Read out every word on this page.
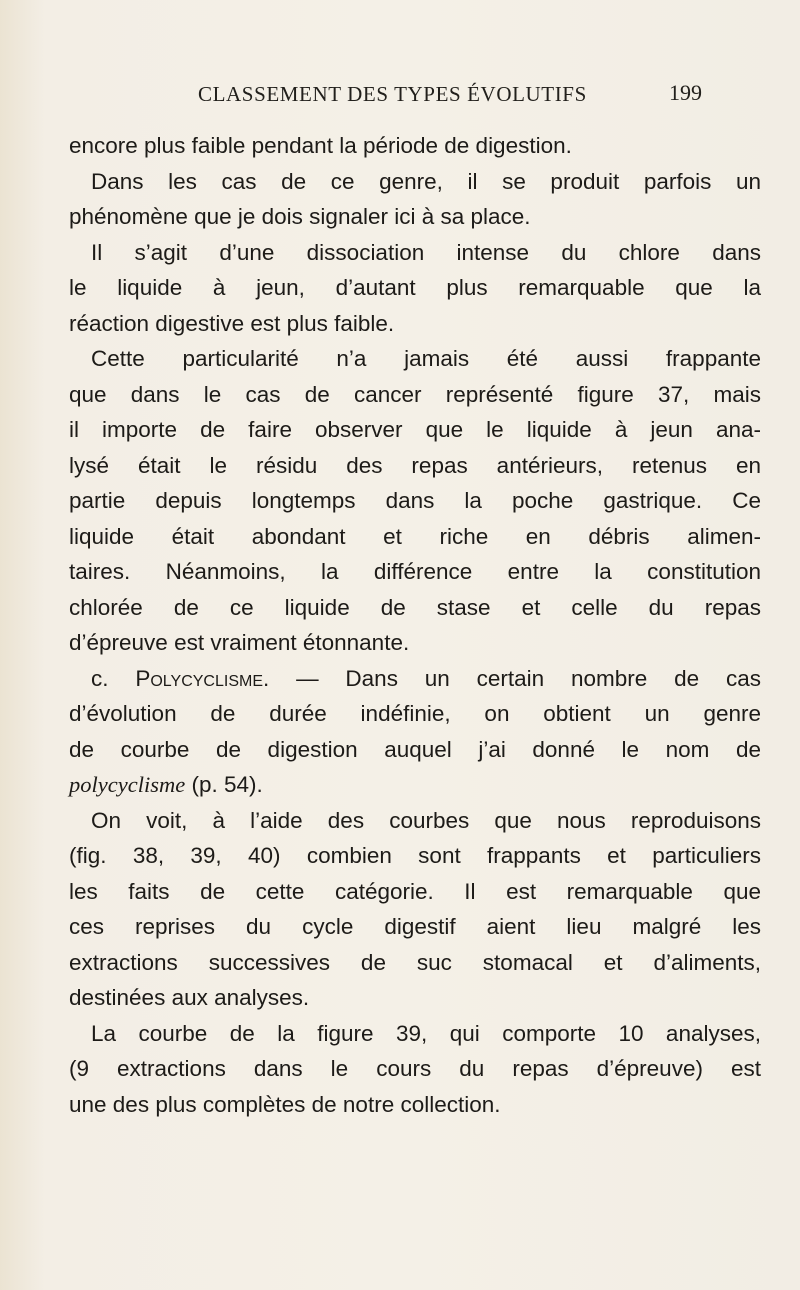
CLASSEMENT DES TYPES ÉVOLUTIFS	199
encore plus faible pendant la période de digestion.
Dans les cas de ce genre, il se produit parfois un
phénomène que je dois signaler ici à sa place.
Il s’agit d’une dissociation intense du chlore dans
le liquide à jeun, d’autant plus remarquable que la
réaction digestive est plus faible.
Cette particularité n’a jamais été aussi frappante
que dans le cas de cancer représenté figure 37, mais
il importe de faire observer que le liquide à jeun ana-
lysé était le résidu des repas antérieurs, retenus en
partie depuis longtemps dans la poche gastrique. Ce
liquide était abondant et riche en débris alimen-
taires. Néanmoins, la différence entre la constitution
chlorée de ce liquide de stase et celle du repas
d’épreuve est vraiment étonnante.
c. Polycyclisme. — Dans un certain nombre de cas
d’évolution de durée indéfinie, on obtient un genre
de courbe de digestion auquel j’ai donné le nom de
polycyclisme (p. 54).
On voit, à l’aide des courbes que nous reproduisons
(fig. 38, 39, 40) combien sont frappants et particuliers
les faits de cette catégorie. Il est remarquable que
ces reprises du cycle digestif aient lieu malgré les
extractions successives de suc stomacal et d’aliments,
destinées aux analyses.
La courbe de la figure 39, qui comporte 10 analyses,
(9 extractions dans le cours du repas d’épreuve) est
une des plus complètes de notre collection.
